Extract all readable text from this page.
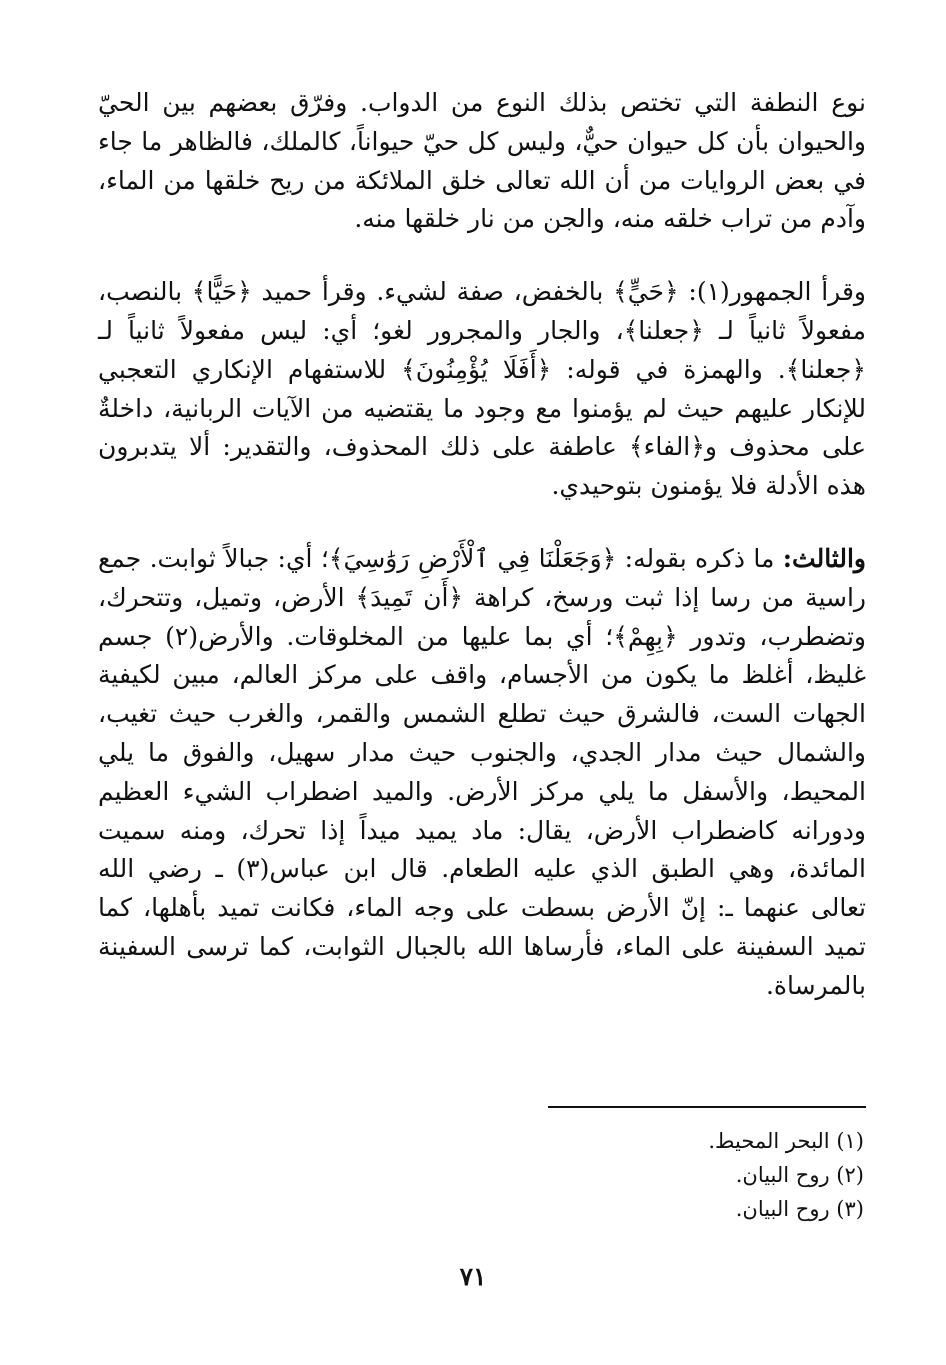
نوع النطفة التي تختص بذلك النوع من الدواب. وفرّق بعضهم بين الحيّ والحيوان بأن كل حيوان حيٌّ، وليس كل حيّ حيواناً، كالملك، فالظاهر ما جاء في بعض الروايات من أن الله تعالى خلق الملائكة من ريح خلقها من الماء، وآدم من تراب خلقه منه، والجن من نار خلقها منه.

وقرأ الجمهور(١): ﴿حَيٍّ﴾ بالخفض، صفة لشيء. وقرأ حميد ﴿حَيًّا﴾ بالنصب، مفعولاً ثانياً لـ ﴿جعلنا﴾، والجار والمجرور لغو؛ أي: ليس مفعولاً ثانياً لـ ﴿جعلنا﴾. والهمزة في قوله: ﴿أَفَلَا يُؤْمِنُونَ﴾ للاستفهام الإنكاري التعجبي للإنكار عليهم حيث لم يؤمنوا مع وجود ما يقتضيه من الآيات الربانية، داخلةٌ على محذوف و﴿الفاء﴾ عاطفة على ذلك المحذوف، والتقدير: ألا يتدبرون هذه الأدلة فلا يؤمنون بتوحيدي.

والثالث: ما ذكره بقوله: ﴿وَجَعَلْنَا فِي ٱلْأَرْضِ رَوَٰسِيَ﴾؛ أي: جبالاً ثوابت. جمع راسية من رسا إذا ثبت ورسخ، كراهة ﴿أَن تَمِيدَ﴾ الأرض، وتميل، وتتحرك، وتضطرب، وتدور ﴿بِهِمْ﴾؛ أي بما عليها من المخلوقات. والأرض(٢) جسم غليظ، أغلظ ما يكون من الأجسام، واقف على مركز العالم، مبين لكيفية الجهات الست، فالشرق حيث تطلع الشمس والقمر، والغرب حيث تغيب، والشمال حيث مدار الجدي، والجنوب حيث مدار سهيل، والفوق ما يلي المحيط، والأسفل ما يلي مركز الأرض. والميد اضطراب الشيء العظيم ودورانه كاضطراب الأرض، يقال: ماد يميد ميداً إذا تحرك، ومنه سميت المائدة، وهي الطبق الذي عليه الطعام. قال ابن عباس(٣) ـ رضي الله تعالى عنهما ـ: إنّ الأرض بسطت على وجه الماء، فكانت تميد بأهلها، كما تميد السفينة على الماء، فأرساها الله بالجبال الثوابت، كما ترسى السفينة بالمرساة.

(١) البحر المحيط.
(٢) روح البيان.
(٣) روح البيان.
٧١
